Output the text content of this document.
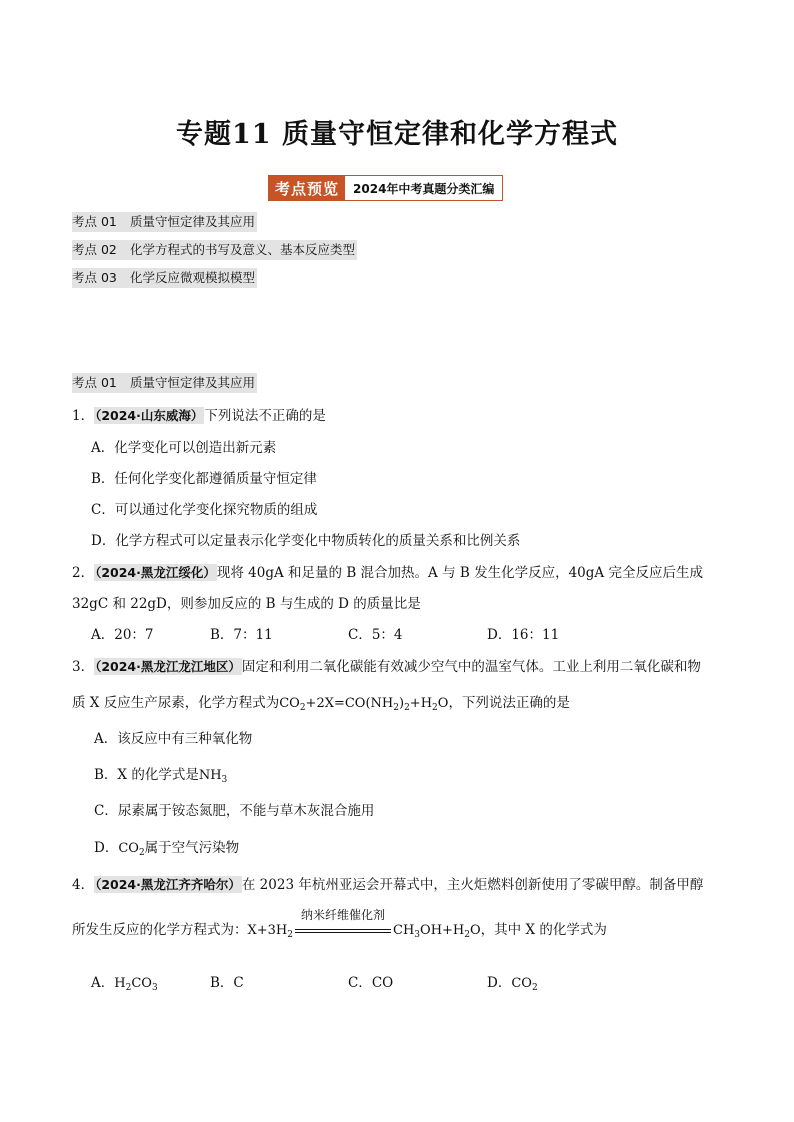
专题11 质量守恒定律和化学方程式
考点预览	2024年中考真题分类汇编
考点 01 质量守恒定律及其应用
考点 02 化学方程式的书写及意义、基本反应类型
考点 03 化学反应微观模拟模型
考点 01 质量守恒定律及其应用
1．（2024·山东威海）下列说法不正确的是
A．化学变化可以创造出新元素
B．任何化学变化都遵循质量守恒定律
C．可以通过化学变化探究物质的组成
D．化学方程式可以定量表示化学变化中物质转化的质量关系和比例关系
2．（2024·黑龙江绥化）现将 40gA 和足量的 B 混合加热。A 与 B 发生化学反应，40gA 完全反应后生成
32gC 和 22gD，则参加反应的 B 与生成的 D 的质量比是
A．20：7	B．7：11	C．5：4	D．16：11
3．（2024·黑龙江龙江地区）固定和利用二氧化碳能有效减少空气中的温室气体。工业上利用二氧化碳和物
质 X 反应生产尿素，化学方程式为$CO_2+2X=CO(NH_2)_2+H_2O$，下列说法正确的是
A．该反应中有三种氧化物
B．X 的化学式是$NH_3$
C．尿素属于铵态氮肥，不能与草木灰混合施用
D．$CO_2$属于空气污染物
4．（2024·黑龙江齐齐哈尔）在 2023 年杭州亚运会开幕式中，主火炬燃料创新使用了零碳甲醇。制备甲醇
所发生反应的化学方程式为：$X+3H_2$
纳米纤维催化剂
$CH_3OH+H_2O$，其中 X 的化学式为
A．$H_2CO_3$	B．C	C．CO	D．$CO_2$
